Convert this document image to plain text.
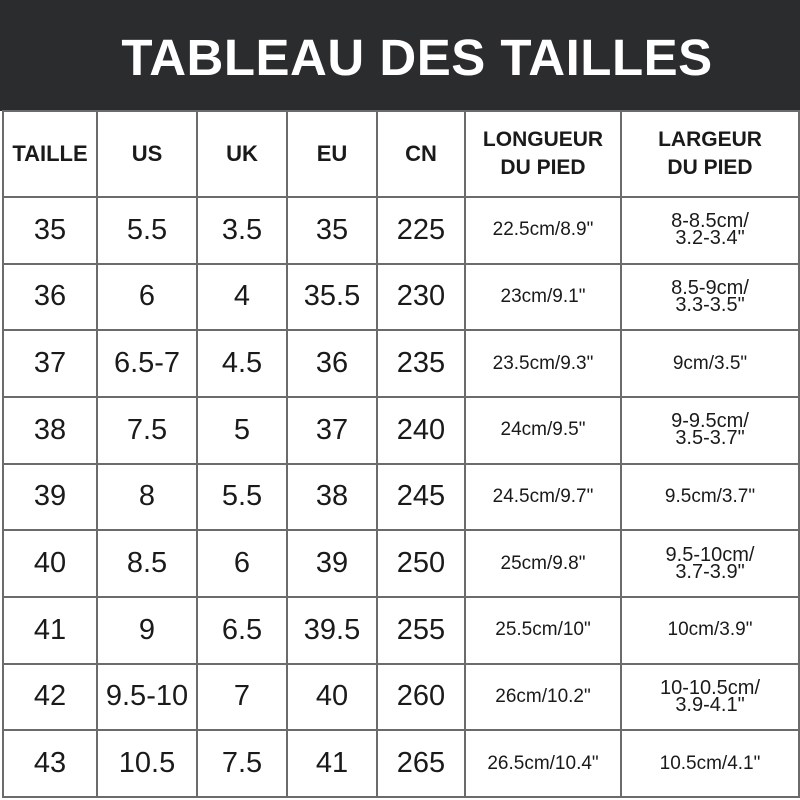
TABLEAU DES TAILLES
TAILLE	US	UK	EU	CN	LONGUEUR
DU PIED	LARGEUR
DU PIED

35	5.5	3.5	35	225	22.5cm/8.9"	8-8.5cm/
3.2-3.4"

36	6	4	35.5	230	23cm/9.1"	8.5-9cm/
3.3-3.5"

37	6.5-7	4.5	36	235	23.5cm/9.3"	9cm/3.5"

38	7.5	5	37	240	24cm/9.5"	9-9.5cm/
3.5-3.7"

39	8	5.5	38	245	24.5cm/9.7"	9.5cm/3.7"

40	8.5	6	39	250	25cm/9.8"	9.5-10cm/
3.7-3.9"

41	9	6.5	39.5	255	25.5cm/10"	10cm/3.9"

42	9.5-10	7	40	260	26cm/10.2"	10-10.5cm/
3.9-4.1"

43	10.5	7.5	41	265	26.5cm/10.4"	10.5cm/4.1"
